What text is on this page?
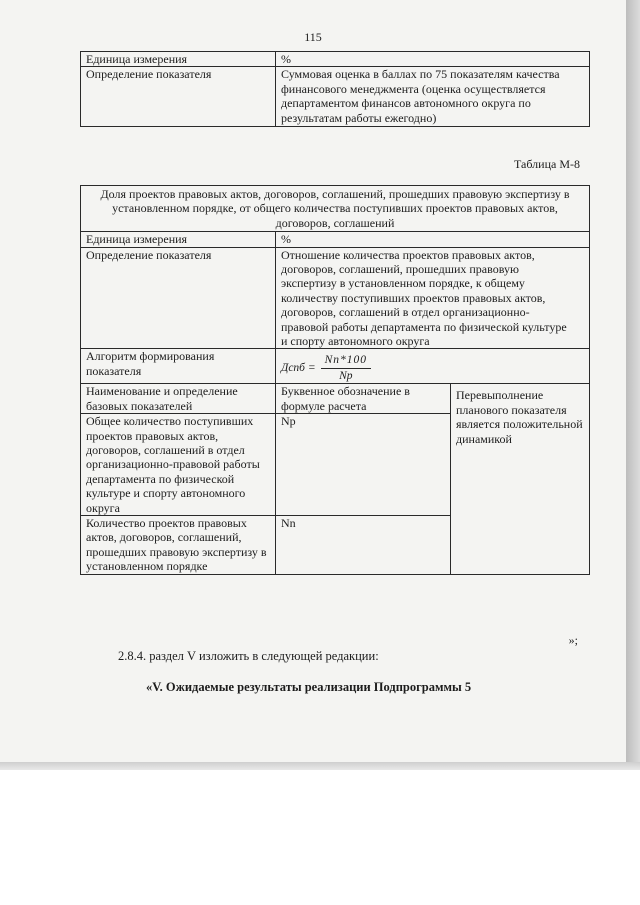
115
Единица измерения	%
Определение показателя	Суммовая оценка в баллах по 75 показателям качества финансового менеджмента (оценка осуществляется департаментом финансов автономного округа по результатам работы ежегодно)
Таблица М-8
Доля проектов правовых актов, договоров, соглашений, прошедших правовую экспертизу в установленном порядке, от общего количества поступивших проектов правовых актов, договоров, соглашений		
Единица измерения	%	
Определение показателя	Отношение количества проектов правовых актов, договоров, соглашений, прошедших правовую экспертизу в установленном порядке, к общему количеству поступивших проектов правовых актов, договоров, соглашений в отдел организационно-правовой работы департамента по физической культуре и спорту автономного округа	
Алгоритм формирования показателя	Дспб = $\frac{Nn*100}{Np}$

Наименование и определение базовых показателей	Буквенное обозначение в формуле расчета	Перевыполнение планового показателя является положительной динамикой
Общее количество поступивших проектов правовых актов, договоров, соглашений в отдел организационно-правовой работы департамента по физической культуре и спорту автономного округа	Np	
Количество проектов правовых актов, договоров, соглашений, прошедших правовую экспертизу в установленном порядке	Nn	
»;
2.8.4. раздел V изложить в следующей редакции:
«V. Ожидаемые результаты реализации Подпрограммы 5
